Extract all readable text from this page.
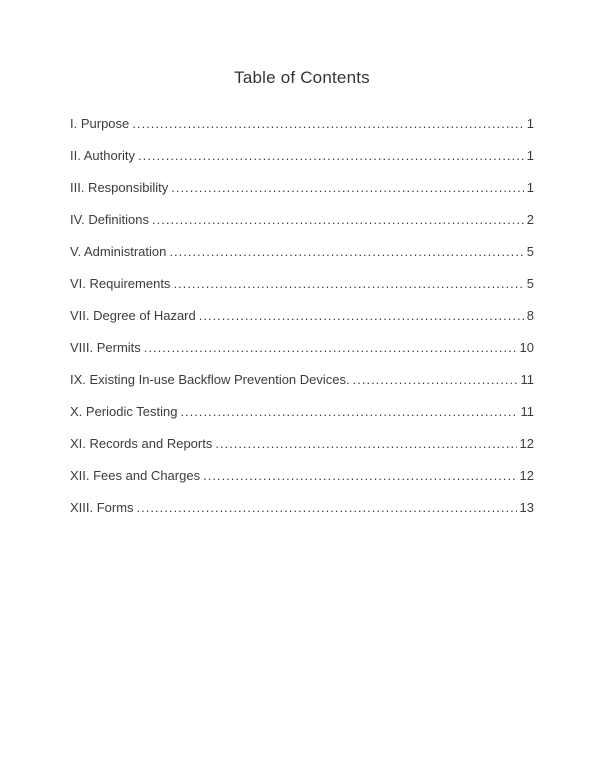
Table of Contents
I. Purpose .....	1
II. Authority .....	1
III. Responsibility .....	1
IV. Definitions .....	2
V. Administration .....	5
VI. Requirements .....	5
VII. Degree of Hazard .....	8
VIII. Permits .....	10
IX. Existing In-use Backflow Prevention Devices. .....	11
X. Periodic Testing .....	11
XI. Records and Reports .....	12
XII. Fees and Charges .....	12
XIII. Forms .....	13
